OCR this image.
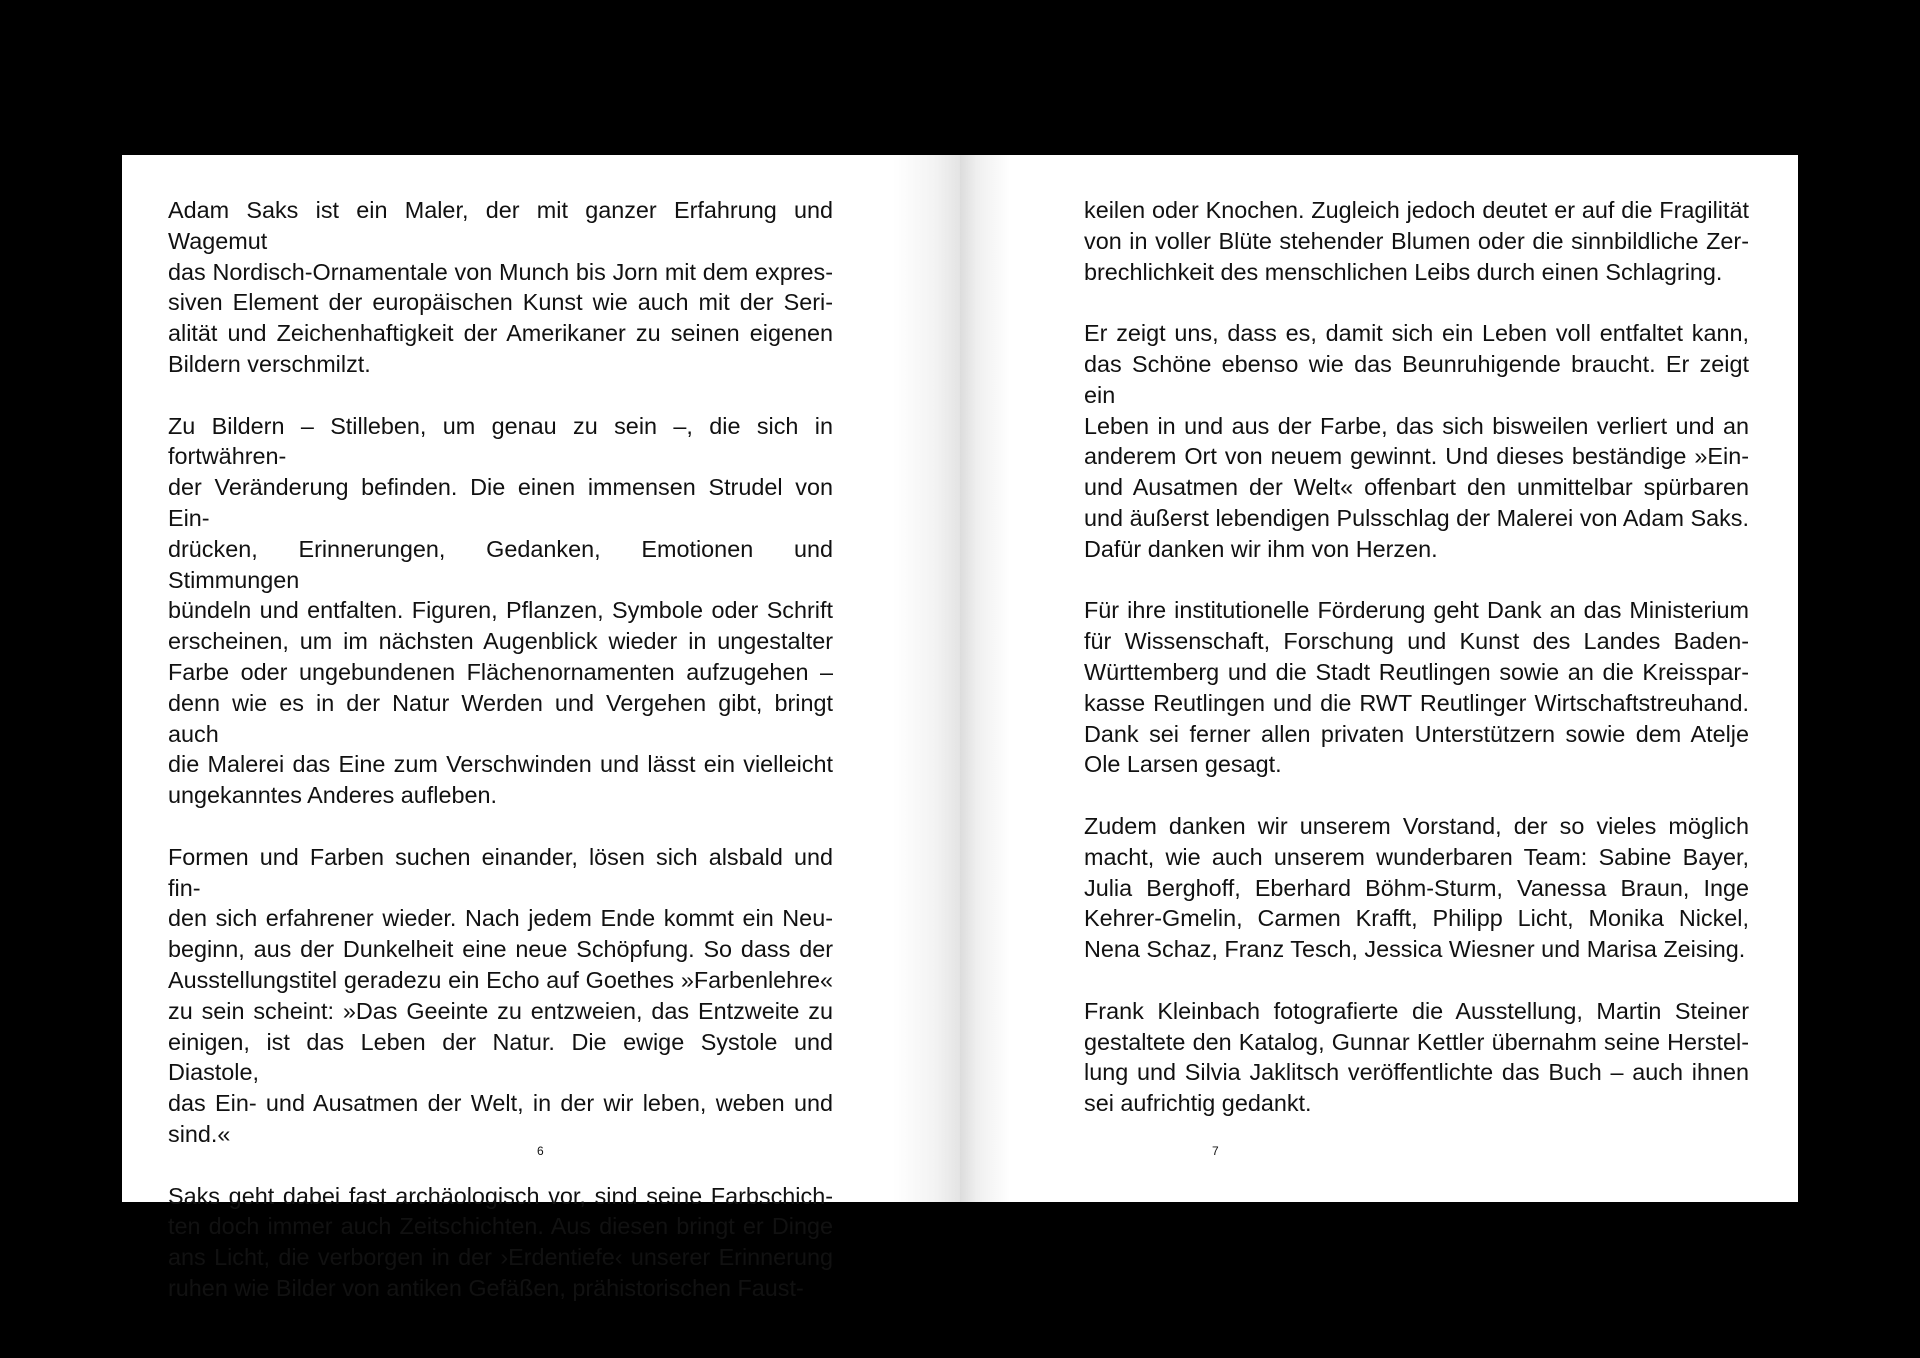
Adam Saks ist ein Maler, der mit ganzer Erfahrung und Wagemut
das Nordisch-Ornamentale von Munch bis Jorn mit dem expres-
siven Element der europäischen Kunst wie auch mit der Seri-
alität und Zeichenhaftigkeit der Amerikaner zu seinen eigenen
Bildern verschmilzt.
Zu Bildern – Stilleben, um genau zu sein –, die sich in fortwähren-
der Veränderung befinden. Die einen immensen Strudel von Ein-
drücken, Erinnerungen, Gedanken, Emotionen und Stimmungen
bündeln und entfalten. Figuren, Pflanzen, Symbole oder Schrift
erscheinen, um im nächsten Augenblick wieder in ungestalter
Farbe oder ungebundenen Flächenornamenten aufzugehen –
denn wie es in der Natur Werden und Vergehen gibt, bringt auch
die Malerei das Eine zum Verschwinden und lässt ein vielleicht
ungekanntes Anderes aufleben.
Formen und Farben suchen einander, lösen sich alsbald und fin-
den sich erfahrener wieder. Nach jedem Ende kommt ein Neu-
beginn, aus der Dunkelheit eine neue Schöpfung. So dass der
Ausstellungstitel geradezu ein Echo auf Goethes »Farbenlehre«
zu sein scheint: »Das Geeinte zu entzweien, das Entzweite zu
einigen, ist das Leben der Natur. Die ewige Systole und Diastole,
das Ein- und Ausatmen der Welt, in der wir leben, weben und
sind.«
Saks geht dabei fast archäologisch vor, sind seine Farbschich-
ten doch immer auch Zeitschichten. Aus diesen bringt er Dinge
ans Licht, die verborgen in der ›Erdentiefe‹ unserer Erinnerung
ruhen wie Bilder von antiken Gefäßen, prähistorischen Faust-
6
keilen oder Knochen. Zugleich jedoch deutet er auf die Fragilität
von in voller Blüte stehender Blumen oder die sinnbildliche Zer-
brechlichkeit des menschlichen Leibs durch einen Schlagring.
Er zeigt uns, dass es, damit sich ein Leben voll entfaltet kann,
das Schöne ebenso wie das Beunruhigende braucht. Er zeigt ein
Leben in und aus der Farbe, das sich bisweilen verliert und an
anderem Ort von neuem gewinnt. Und dieses beständige »Ein-
und Ausatmen der Welt« offenbart den unmittelbar spürbaren
und äußerst lebendigen Pulsschlag der Malerei von Adam Saks.
Dafür danken wir ihm von Herzen.
Für ihre institutionelle Förderung geht Dank an das Ministerium
für Wissenschaft, Forschung und Kunst des Landes Baden-
Württemberg und die Stadt Reutlingen sowie an die Kreisspar-
kasse Reutlingen und die RWT Reutlinger Wirtschaftstreuhand.
Dank sei ferner allen privaten Unterstützern sowie dem Atelje
Ole Larsen gesagt.
Zudem danken wir unserem Vorstand, der so vieles möglich
macht, wie auch unserem wunderbaren Team: Sabine Bayer,
Julia Berghoff, Eberhard Böhm-Sturm, Vanessa Braun, Inge
Kehrer-Gmelin, Carmen Krafft, Philipp Licht, Monika Nickel,
Nena Schaz, Franz Tesch, Jessica Wiesner und Marisa Zeising.
Frank Kleinbach fotografierte die Ausstellung, Martin Steiner
gestaltete den Katalog, Gunnar Kettler übernahm seine Herstel-
lung und Silvia Jaklitsch veröffentlichte das Buch – auch ihnen
sei aufrichtig gedankt.
7
